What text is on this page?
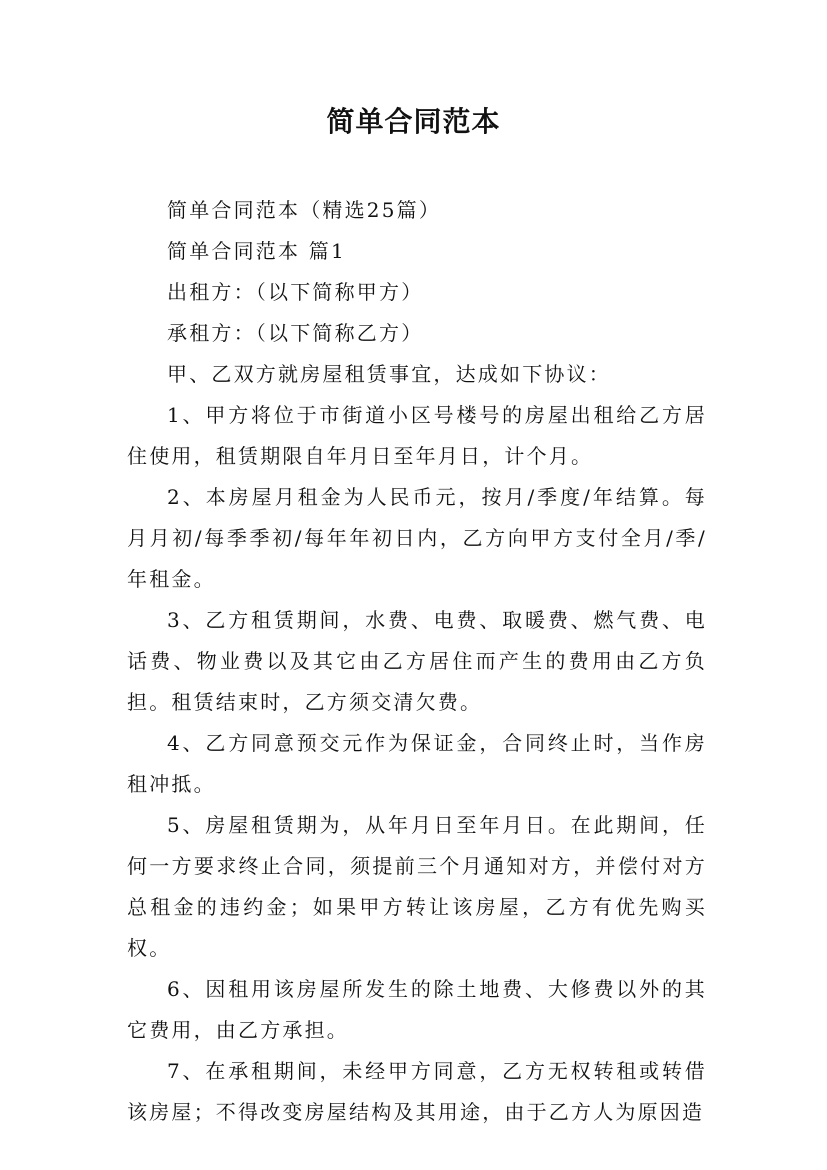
简单合同范本

简单合同范本（精选25篇）

简单合同范本 篇1

出租方：（以下简称甲方）

承租方：（以下简称乙方）

甲、乙双方就房屋租赁事宜，达成如下协议：

1、甲方将位于市街道小区号楼号的房屋出租给乙方居住使用，租赁期限自年月日至年月日，计个月。

2、本房屋月租金为人民币元，按月/季度/年结算。每月月初/每季季初/每年年初日内，乙方向甲方支付全月/季/年租金。

3、乙方租赁期间，水费、电费、取暖费、燃气费、电话费、物业费以及其它由乙方居住而产生的费用由乙方负担。租赁结束时，乙方须交清欠费。

4、乙方同意预交元作为保证金，合同终止时，当作房租冲抵。

5、房屋租赁期为，从年月日至年月日。在此期间，任何一方要求终止合同，须提前三个月通知对方，并偿付对方总租金的违约金；如果甲方转让该房屋，乙方有优先购买权。

6、因租用该房屋所发生的除土地费、大修费以外的其它费用，由乙方承担。

7、在承租期间，未经甲方同意，乙方无权转租或转借该房屋；不得改变房屋结构及其用途，由于乙方人为原因造
